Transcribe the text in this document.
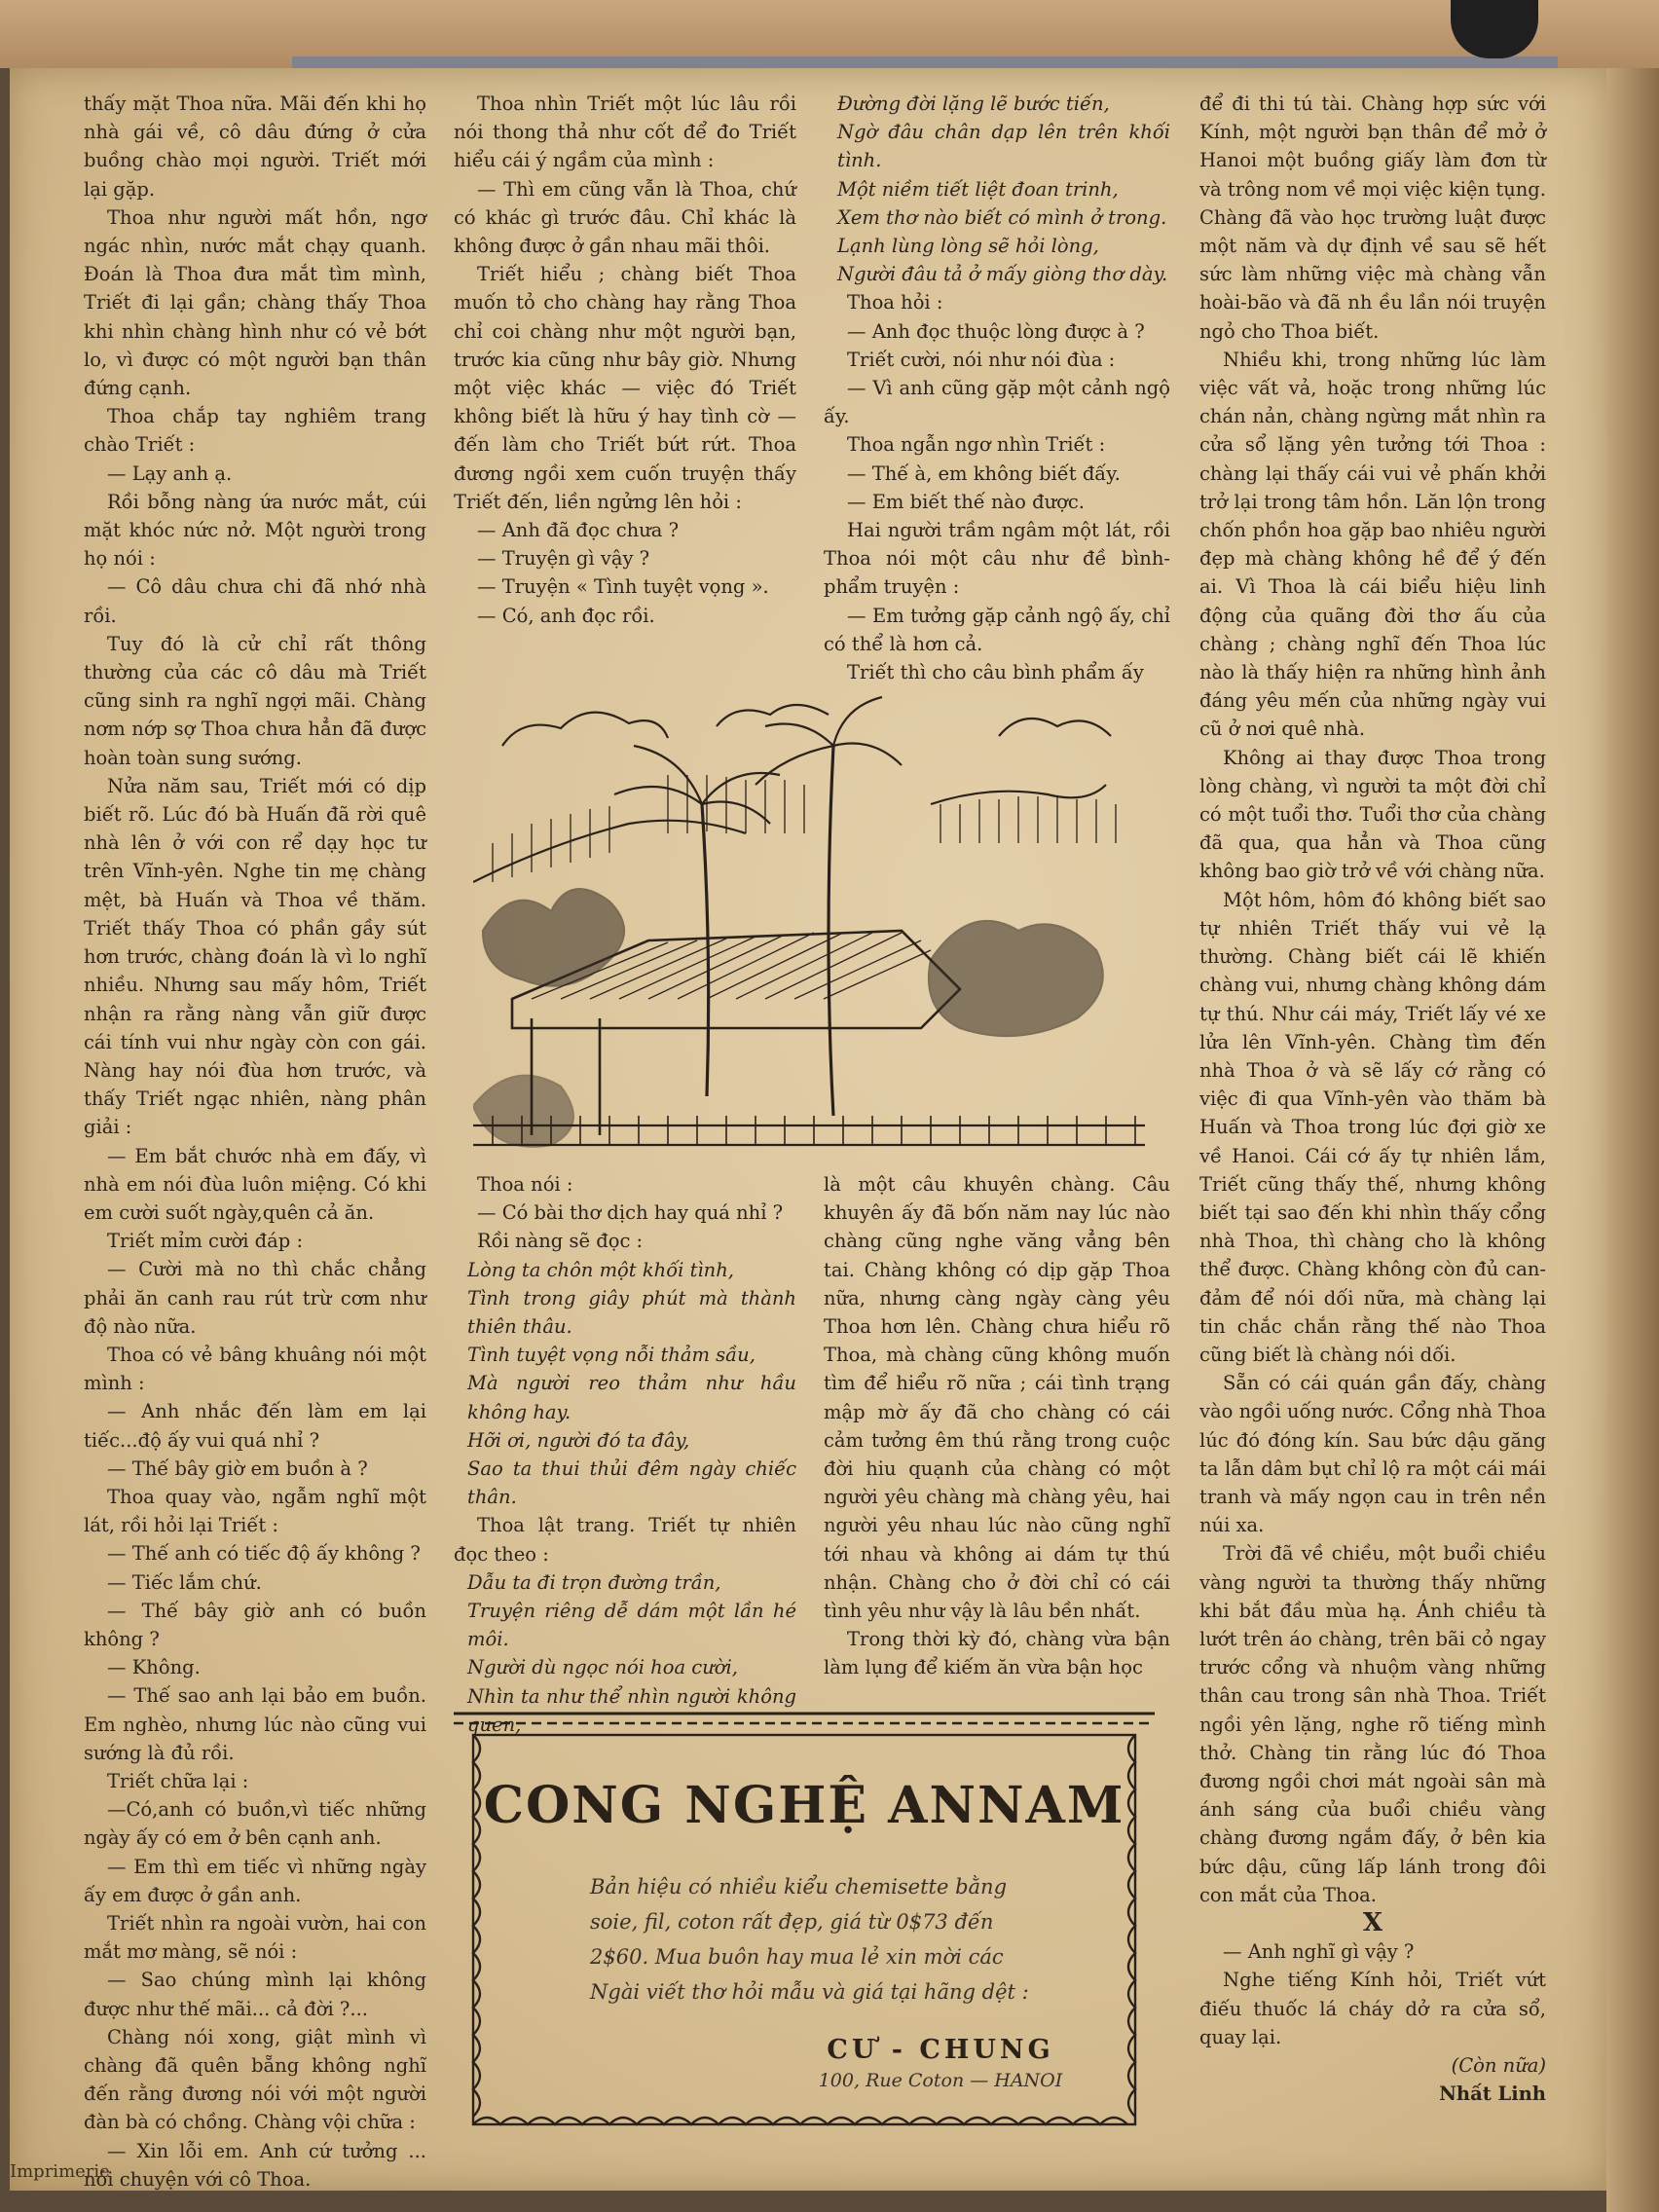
thấy mặt Thoa nữa. Mãi đến khi họ nhà gái về, cô dâu đứng ở cửa buồng chào mọi người. Triết mới lại gặp.

Thoa như người mất hồn, ngơ ngác nhìn, nước mắt chạy quanh. Đoán là Thoa đưa mắt tìm mình, Triết đi lại gần; chàng thấy Thoa khi nhìn chàng hình như có vẻ bớt lo, vì được có một người bạn thân đứng cạnh.

Thoa chắp tay nghiêm trang chào Triết :

— Lạy anh ạ.

Rồi bỗng nàng ứa nước mắt, cúi mặt khóc nức nở. Một người trong họ nói :

— Cô dâu chưa chi đã nhớ nhà rồi.

Tuy đó là cử chỉ rất thông thường của các cô dâu mà Triết cũng sinh ra nghĩ ngợi mãi. Chàng nơm nớp sợ Thoa chưa hẳn đã được hoàn toàn sung sướng.

Nửa năm sau, Triết mới có dịp biết rõ. Lúc đó bà Huấn đã rời quê nhà lên ở với con rể dạy học tư trên Vĩnh-yên. Nghe tin mẹ chàng mệt, bà Huấn và Thoa về thăm. Triết thấy Thoa có phần gầy sút hơn trước, chàng đoán là vì lo nghĩ nhiều. Nhưng sau mấy hôm, Triết nhận ra rằng nàng vẫn giữ được cái tính vui như ngày còn con gái. Nàng hay nói đùa hơn trước, và thấy Triết ngạc nhiên, nàng phân giải :

— Em bắt chước nhà em đấy, vì nhà em nói đùa luôn miệng. Có khi em cười suốt ngày,quên cả ăn.

Triết mỉm cười đáp :

— Cười mà no thì chắc chẳng phải ăn canh rau rút trừ cơm như độ nào nữa.

Thoa có vẻ bâng khuâng nói một mình :

— Anh nhắc đến làm em lại tiếc...độ ấy vui quá nhỉ ?

— Thế bây giờ em buồn à ?

Thoa quay vào, ngẫm nghĩ một lát, rồi hỏi lại Triết :

— Thế anh có tiếc độ ấy không ?

— Tiếc lắm chứ.

— Thế bây giờ anh có buồn không ?

— Không.

— Thế sao anh lại bảo em buồn. Em nghèo, nhưng lúc nào cũng vui sướng là đủ rồi.

Triết chữa lại :

—Có,anh có buồn,vì tiếc những ngày ấy có em ở bên cạnh anh.

— Em thì em tiếc vì những ngày ấy em được ở gần anh.

Triết nhìn ra ngoài vườn, hai con mắt mơ màng, sẽ nói :

— Sao chúng mình lại không được như thế mãi... cả đời ?...

Chàng nói xong, giật mình vì chàng đã quên bẵng không nghĩ đến rằng đương nói với một người đàn bà có chồng. Chàng vội chữa :

— Xin lỗi em. Anh cứ tưởng ... nói chuyện với cô Thoa.

Thoa nhìn Triết một lúc lâu rồi nói thong thả như cốt để đo Triết hiểu cái ý ngầm của mình :

— Thì em cũng vẫn là Thoa, chứ có khác gì trước đâu. Chỉ khác là không được ở gần nhau mãi thôi.

Triết hiểu ; chàng biết Thoa muốn tỏ cho chàng hay rằng Thoa chỉ coi chàng như một người bạn, trước kia cũng như bây giờ. Nhưng một việc khác — việc đó Triết không biết là hữu ý hay tình cờ — đến làm cho Triết bứt rứt. Thoa đương ngồi xem cuốn truyện thấy Triết đến, liền ngửng lên hỏi :

— Anh đã đọc chưa ?

— Truyện gì vậy ?

— Truyện « Tình tuyệt vọng ».

— Có, anh đọc rồi.

Đường đời lặng lẽ bước tiến,

Ngờ đâu chân dạp lên trên khối tình.

Một niềm tiết liệt đoan trinh,

Xem thơ nào biết có mình ở trong.

Lạnh lùng lòng sẽ hỏi lòng,

Người đâu tả ở mấy giòng thơ dày.

Thoa hỏi :

— Anh đọc thuộc lòng được à ?

Triết cười, nói như nói đùa :

— Vì anh cũng gặp một cảnh ngộ ấy.

Thoa ngẫn ngơ nhìn Triết :

— Thế à, em không biết đấy.

— Em biết thế nào được.

Hai người trầm ngâm một lát, rồi Thoa nói một câu như đề bình-phẩm truyện :

— Em tưởng gặp cảnh ngộ ấy, chỉ có thể là hơn cả.

Triết thì cho câu bình phẩm ấy

để đi thi tú tài. Chàng hợp sức với Kính, một người bạn thân để mở ở Hanoi một buồng giấy làm đơn từ và trông nom về mọi việc kiện tụng. Chàng đã vào học trường luật được một năm và dự định về sau sẽ hết sức làm những việc mà chàng vẫn hoài-bão và đã nh ều lần nói truyện ngỏ cho Thoa biết.

Nhiều khi, trong những lúc làm việc vất vả, hoặc trong những lúc chán nản, chàng ngừng mắt nhìn ra cửa sổ lặng yên tưởng tới Thoa : chàng lại thấy cái vui vẻ phấn khởi trở lại trong tâm hồn. Lăn lộn trong chốn phồn hoa gặp bao nhiêu người đẹp mà chàng không hề để ý đến ai. Vì Thoa là cái biểu hiệu linh động của quãng đời thơ ấu của chàng ; chàng nghĩ đến Thoa lúc nào là thấy hiện ra những hình ảnh đáng yêu mến của những ngày vui cũ ở nơi quê nhà.

Không ai thay được Thoa trong lòng chàng, vì người ta một đời chỉ có một tuổi thơ. Tuổi thơ của chàng đã qua, qua hẳn và Thoa cũng không bao giờ trở về với chàng nữa.

Một hôm, hôm đó không biết sao tự nhiên Triết thấy vui vẻ lạ thường. Chàng biết cái lẽ khiến chàng vui, nhưng chàng không dám tự thú. Như cái máy, Triết lấy vé xe lửa lên Vĩnh-yên. Chàng tìm đến nhà Thoa ở và sẽ lấy cớ rằng có việc đi qua Vĩnh-yên vào thăm bà Huấn và Thoa trong lúc đợi giờ xe về Hanoi. Cái cớ ấy tự nhiên lắm, Triết cũng thấy thế, nhưng không biết tại sao đến khi nhìn thấy cổng nhà Thoa, thì chàng cho là không thể được. Chàng không còn đủ can-đảm để nói dối nữa, mà chàng lại tin chắc chắn rằng thế nào Thoa cũng biết là chàng nói dối.

Sẵn có cái quán gần đấy, chàng vào ngồi uống nước. Cổng nhà Thoa lúc đó đóng kín. Sau bức dậu găng ta lẫn dâm bụt chỉ lộ ra một cái mái tranh và mấy ngọn cau in trên nền núi xa.

Trời đã về chiều, một buổi chiều vàng người ta thường thấy những khi bắt đầu mùa hạ. Ánh chiều tà lướt trên áo chàng, trên bãi cỏ ngay trước cổng và nhuộm vàng những thân cau trong sân nhà Thoa. Triết ngồi yên lặng, nghe rõ tiếng mình thở. Chàng tin rằng lúc đó Thoa đương ngồi chơi mát ngoài sân mà ánh sáng của buổi chiều vàng chàng đương ngắm đấy, ở bên kia bức dậu, cũng lấp lánh trong đôi con mắt của Thoa.

X

— Anh nghĩ gì vậy ?

Nghe tiếng Kính hỏi, Triết vứt điếu thuốc lá cháy dở ra cửa sổ, quay lại.

(Còn nữa)

Nhất Linh

Thoa nói :

— Có bài thơ dịch hay quá nhỉ ?

Rồi nàng sẽ đọc :

Lòng ta chôn một khối tình,

Tình trong giây phút mà thành thiên thâu.

Tình tuyệt vọng nỗi thảm sầu,

Mà người reo thảm như hầu không hay.

Hỡi ơi, người đó ta đây,

Sao ta thui thủi đêm ngày chiếc thân.

Thoa lật trang. Triết tự nhiên đọc theo :

Dẫu ta đi trọn đường trần,

Truyện riêng dễ dám một lần hé môi.

Người dù ngọc nói hoa cười,

Nhìn ta như thể nhìn người không quen,

là một câu khuyên chàng. Câu khuyên ấy đã bốn năm nay lúc nào chàng cũng nghe văng vẳng bên tai. Chàng không có dịp gặp Thoa nữa, nhưng càng ngày càng yêu Thoa hơn lên. Chàng chưa hiểu rõ Thoa, mà chàng cũng không muốn tìm để hiểu rõ nữa ; cái tình trạng mập mờ ấy đã cho chàng có cái cảm tưởng êm thú rằng trong cuộc đời hiu quạnh của chàng có một người yêu chàng mà chàng yêu, hai người yêu nhau lúc nào cũng nghĩ tới nhau và không ai dám tự thú nhận. Chàng cho ở đời chỉ có cái tình yêu như vậy là lâu bền nhất.

Trong thời kỳ đó, chàng vừa bận làm lụng để kiếm ăn vừa bận học

CONG NGHỆ ANNAM
Bản hiệu có nhiều kiểu chemisette bằng soie, fil, coton rất đẹp, giá từ 0$73 đến 2$60. Mua buôn hay mua lẻ xin mời các Ngài viết thơ hỏi mẫu và giá tại hãng dệt :
CƯ - CHUNG
100, Rue Coton — HANOI
Imprimerie
